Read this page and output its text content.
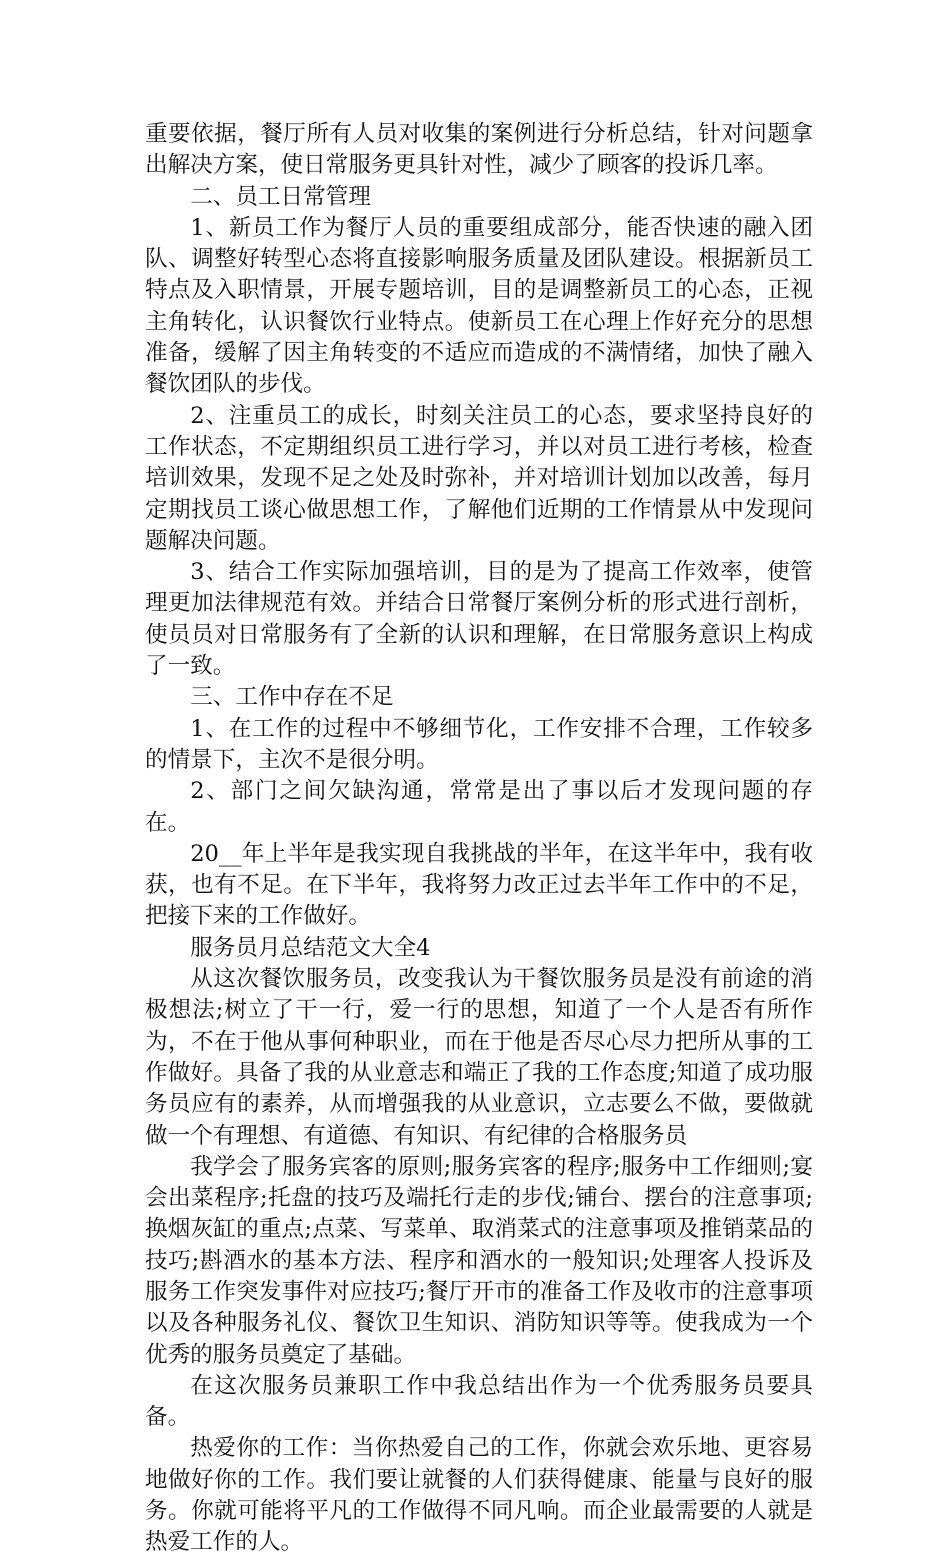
重要依据，餐厅所有人员对收集的案例进行分析总结，针对问题拿出解决方案，使日常服务更具针对性，减少了顾客的投诉几率。

二、员工日常管理

1、新员工作为餐厅人员的重要组成部分，能否快速的融入团队、调整好转型心态将直接影响服务质量及团队建设。根据新员工特点及入职情景，开展专题培训，目的是调整新员工的心态，正视主角转化，认识餐饮行业特点。使新员工在心理上作好充分的思想准备，缓解了因主角转变的不适应而造成的不满情绪，加快了融入餐饮团队的步伐。

2、注重员工的成长，时刻关注员工的心态，要求坚持良好的工作状态，不定期组织员工进行学习，并以对员工进行考核，检查培训效果，发现不足之处及时弥补，并对培训计划加以改善，每月定期找员工谈心做思想工作，了解他们近期的工作情景从中发现问题解决问题。

3、结合工作实际加强培训，目的是为了提高工作效率，使管理更加法律规范有效。并结合日常餐厅案例分析的形式进行剖析，使员员对日常服务有了全新的认识和理解，在日常服务意识上构成了一致。

三、工作中存在不足

1、在工作的过程中不够细节化，工作安排不合理，工作较多的情景下，主次不是很分明。

2、部门之间欠缺沟通，常常是出了事以后才发现问题的存在。

20__年上半年是我实现自我挑战的半年，在这半年中，我有收获，也有不足。在下半年，我将努力改正过去半年工作中的不足，把接下来的工作做好。

服务员月总结范文大全4

从这次餐饮服务员，改变我认为干餐饮服务员是没有前途的消极想法;树立了干一行，爱一行的思想，知道了一个人是否有所作为，不在于他从事何种职业，而在于他是否尽心尽力把所从事的工作做好。具备了我的从业意志和端正了我的工作态度;知道了成功服务员应有的素养，从而增强我的从业意识，立志要么不做，要做就做一个有理想、有道德、有知识、有纪律的合格服务员

我学会了服务宾客的原则;服务宾客的程序;服务中工作细则;宴会出菜程序;托盘的技巧及端托行走的步伐;铺台、摆台的注意事项;换烟灰缸的重点;点菜、写菜单、取消菜式的注意事项及推销菜品的技巧;斟酒水的基本方法、程序和酒水的一般知识;处理客人投诉及服务工作突发事件对应技巧;餐厅开市的准备工作及收市的注意事项以及各种服务礼仪、餐饮卫生知识、消防知识等等。使我成为一个优秀的服务员奠定了基础。

在这次服务员兼职工作中我总结出作为一个优秀服务员要具备。

热爱你的工作：当你热爱自己的工作，你就会欢乐地、更容易地做好你的工作。我们要让就餐的人们获得健康、能量与良好的服务。你就可能将平凡的工作做得不同凡响。而企业最需要的人就是热爱工作的人。
